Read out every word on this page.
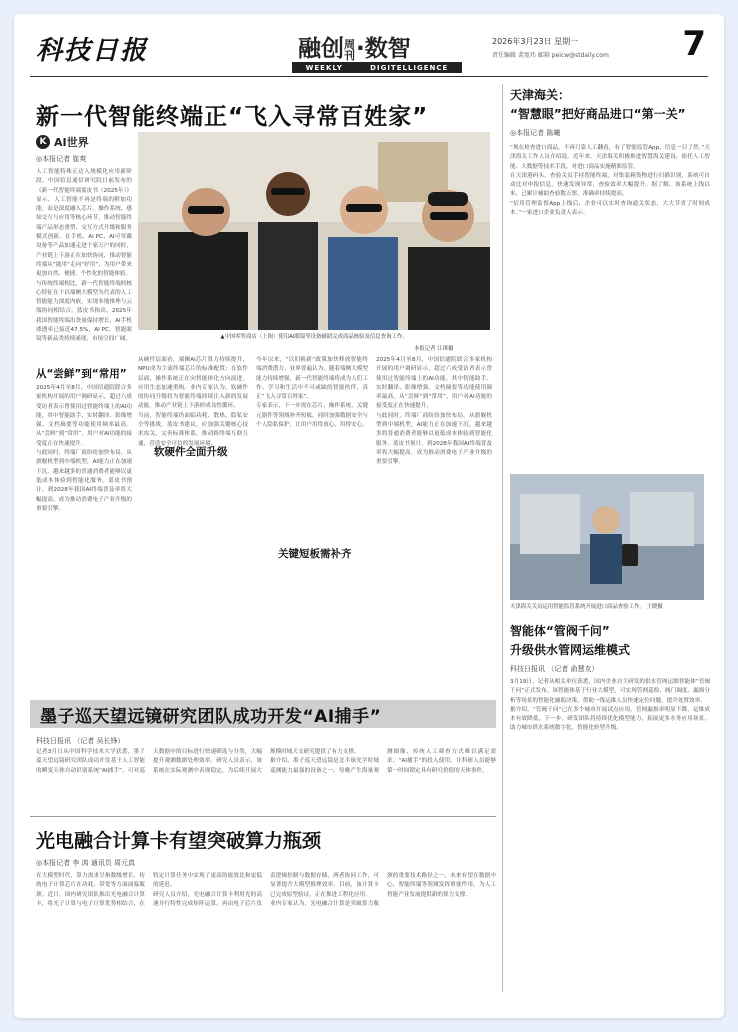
科技日报	融创周刊·数智
WEEKLY	DIGITELLIGENCE
2026年3月23日 星期一
责任编辑 裴宽玮 邮箱 peicw@stdaily.com 7
新一代智能终端正“飞入寻常百姓家”
K AI世界
◎本报记者 崔爽
人工智能特殊正迈入规模化应用新阶段。中国信息通信研究院日前发布的《新一代智能终端蓝皮书（2025年）》显示，人工智能不再是终端的附加功能，而是深度融入芯片、操作系统、感知交互与应用等核心环节，推动智能终端产品形态重塑、交互方式升级和服务模式创新。在手机、AI PC、AI可穿戴设备等产品加速走进千家万户的同时，产业链上下游正在加快协同，推动智能终端从“能用”走向“好用”，为用户带来更加自然、便捷、个性化的智能体验。
与传统终端相比，新一代智能终端的核心特征在于以端侧大模型为代表的人工智能能力深度内嵌，实现本地推理与云端协同相结合。蓝皮书指出，2025年我国智能终端出货量保持增长，AI手机渗透率已接近47.5%，AI PC、智能眼镜等新品类持续涌现，市场空间广阔。
从“尝鲜”到“常用”
2025年4月至8月，中国信通院联合多家机构开展的用户调研显示，超过六成受访者表示曾使用过智能终端上的AI功能，其中智能助手、实时翻译、影像增强、文档摘要等功能使用频率最高。从“尝鲜”到“常用”，用户对AI功能的接受度正在快速提升。
与此同时，终端厂商纷纷加快布局。从旗舰机型到中端机型，AI能力正在加速下沉，越来越多的普通消费者能够以更低成本体验到智能化服务。蓝皮书预计，到2028年我国AI终端普及率将大幅提高，成为推动消费电子产业升级的重要引擎。
▲中国零售商店（上图）使用AI眼镜等设备辅助完成商品核验及信息查询工作。
本报记者 江琪摄
从硬件层面看，端侧AI芯片算力持续提升，NPU成为主流终端芯片的标准配置；在软件层面，操作系统正在向智能体化方向演进，应用生态加速重构。业内专家认为，软硬件的协同升级将为智能终端持续注入新的发展动能，推动产业链上下游形成良性循环。
当前，智能终端仍面临功耗、散热、隐私安全等挑战。蓝皮书建议，应加强关键核心技术攻关，完善标准体系，推动跨终端互联互通，营造安全可信的发展环境。
软硬件全面升级
今年以来，“以旧换新”政策加快释放智能终端消费潜力。业界普遍认为，随着端侧大模型能力持续增强，新一代智能终端将成为人们工作、学习和生活中不可或缺的智能伙伴，真正“飞入寻常百姓家”。
专家表示，下一步需在芯片、操作系统、关键元器件等领域补齐短板，同时加强数据安全与个人隐私保护，让用户用得放心、用得安心。
关键短板需补齐
2025年4月至8月，中国信通院联合多家机构开展的用户调研显示，超过六成受访者表示曾使用过智能终端上的AI功能，其中智能助手、实时翻译、影像增强、文档摘要等功能使用频率最高。从“尝鲜”到“常用”，用户对AI功能的接受度正在快速提升。
与此同时，终端厂商纷纷加快布局。从旗舰机型到中端机型，AI能力正在加速下沉，越来越多的普通消费者能够以更低成本体验到智能化服务。蓝皮书预计，到2028年我国AI终端普及率将大幅提高，成为推动消费电子产业升级的重要引擎。
天津海关：
“智慧眼”把好商品进口“第一关”
◎本报记者 陈曦
“现在检查进口商品，不再只靠人工翻看，有了智能监管App，信息一目了然。”天津海关工作人员介绍说。近年来，天津海关积极推进智慧海关建设，依托人工智能、大数据等技术手段，对进口商品实施精准监管。
在天津港码头，查验关员手持智能终端，对集装箱货物进行扫描识别，系统可自动比对申报信息，快速发现异常，查验效率大幅提升。据了解，该系统上线以来，已累计辅助查验数万票，准确率持续提高。
“信用管理监督App上线后，企业可以实时查询通关状态，大大节省了时间成本。”一家进口企业负责人表示。
天津海关关员运用智能监管系统开展进口商品查验工作。 王晓摄
智能体“管阀千问”
升级供水管网运维模式
科技日报讯 （记者 俞慧友）
3月19日，记者从相关单位获悉，国内企业自主研发的供水管网运维智能体“管阀千问”正式发布。该智能体基于行业大模型，可实现管网巡检、阀门调度、漏损分析等场景的智能化辅助决策，帮助一线运维人员快速定位问题、提升处置效率。
据介绍，“管阀千问”已在多个城市开展试点应用，管网漏损率明显下降，运维成本有效降低。下一步，研发团队将持续优化模型能力，拓展更多水务应用场景，助力城市供水系统数字化、智能化转型升级。
墨子巡天望远镜研究团队成功开发“AI捕手”
科技日报讯 （记者 吴长锋）
记者3月日从中国科学技术大学获悉，墨子巡天望远镜研究团队成功开发基于人工智能的瞬变天体自动识别系统“AI捕手”，可对巡天数据中的目标进行快速筛选与分类，大幅提升观测数据处理效率。研究人员表示，该系统在实际观测中表现稳定，为后续开展大规模时域天文研究提供了有力支撑。
据介绍，墨子巡天望远镜是北半球光学时域巡测能力最强的设备之一，每晚产生海量观测图像，传统人工筛查方式难以满足需求。“AI捕手”的投入使用，让科研人员能够第一时间锁定具有研究价值的天体事件。
光电融合计算卡有望突破算力瓶颈
◎本报记者 李 鸿 通讯员 周元真
在大模型时代，算力需求呈指数级增长，传统电子计算芯片在功耗、带宽等方面面临瓶颈。近日，国内研究团队推出光电融合计算卡，将光子计算与电子计算优势相结合，在特定计算任务中实现了更高的能效比和更低的延迟。
研究人员介绍，光电融合计算卡利用光的高速并行特性完成矩阵运算，再由电子芯片负责逻辑控制与数据存储，两者协同工作，可显著提升大模型推理效率。目前，该计算卡已完成原型验证，正在推进工程化应用。
业内专家认为，光电融合计算是突破算力瓶颈的重要技术路径之一，未来有望在数据中心、智能终端等领域发挥重要作用，为人工智能产业发展提供新的算力支撑。
